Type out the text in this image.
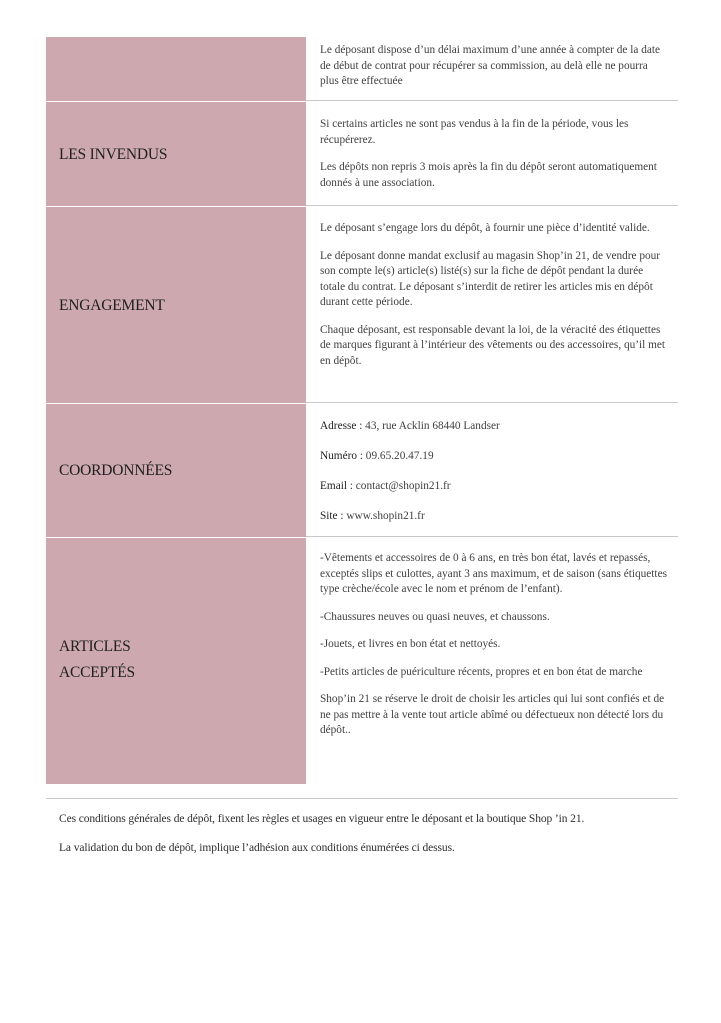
Le déposant dispose d’un délai maximum d’une année à compter de la date de début de contrat pour récupérer sa commission, au delà elle ne pourra plus être effectuée

LES INVENDUS

Si certains articles ne sont pas vendus à la fin de la période, vous les récupérerez.

Les dépôts non repris 3 mois après la fin du dépôt seront automatiquement donnés à une association.

ENGAGEMENT

Le déposant s’engage lors du dépôt, à fournir une pièce d’identité valide.

Le déposant donne mandat exclusif au magasin Shop’in 21, de vendre pour son compte le(s) article(s) listé(s) sur la fiche de dépôt pendant la durée totale du contrat. Le déposant s’interdit de retirer les articles mis en dépôt durant cette période.

Chaque déposant, est responsable devant la loi, de la véracité des étiquettes de marques figurant à l’intérieur des vêtements ou des accessoires, qu’il met en dépôt.

COORDONNÉES

Adresse : 43, rue Acklin 68440 Landser

Numéro : 09.65.20.47.19

Email : contact@shopin21.fr

Site : www.shopin21.fr

ARTICLES
ACCEPTÉS

-Vêtements et accessoires de 0 à 6 ans, en très bon état, lavés et repassés, exceptés slips et culottes, ayant 3 ans maximum, et de saison (sans étiquettes type crèche/école avec le nom et prénom de l’enfant).

-Chaussures neuves ou quasi neuves, et chaussons.

-Jouets, et livres en bon état et nettoyés.

-Petits articles de puériculture récents, propres et en bon état de marche

Shop’in 21 se réserve le droit de choisir les articles qui lui sont confiés et de ne pas mettre à la vente tout article abîmé ou défectueux non détecté lors du dépôt..

Ces conditions générales de dépôt, fixent les règles et usages en vigueur entre le déposant et la boutique Shop ’in 21.

La validation du bon de dépôt, implique l’adhésion aux conditions énumérées ci dessus.
